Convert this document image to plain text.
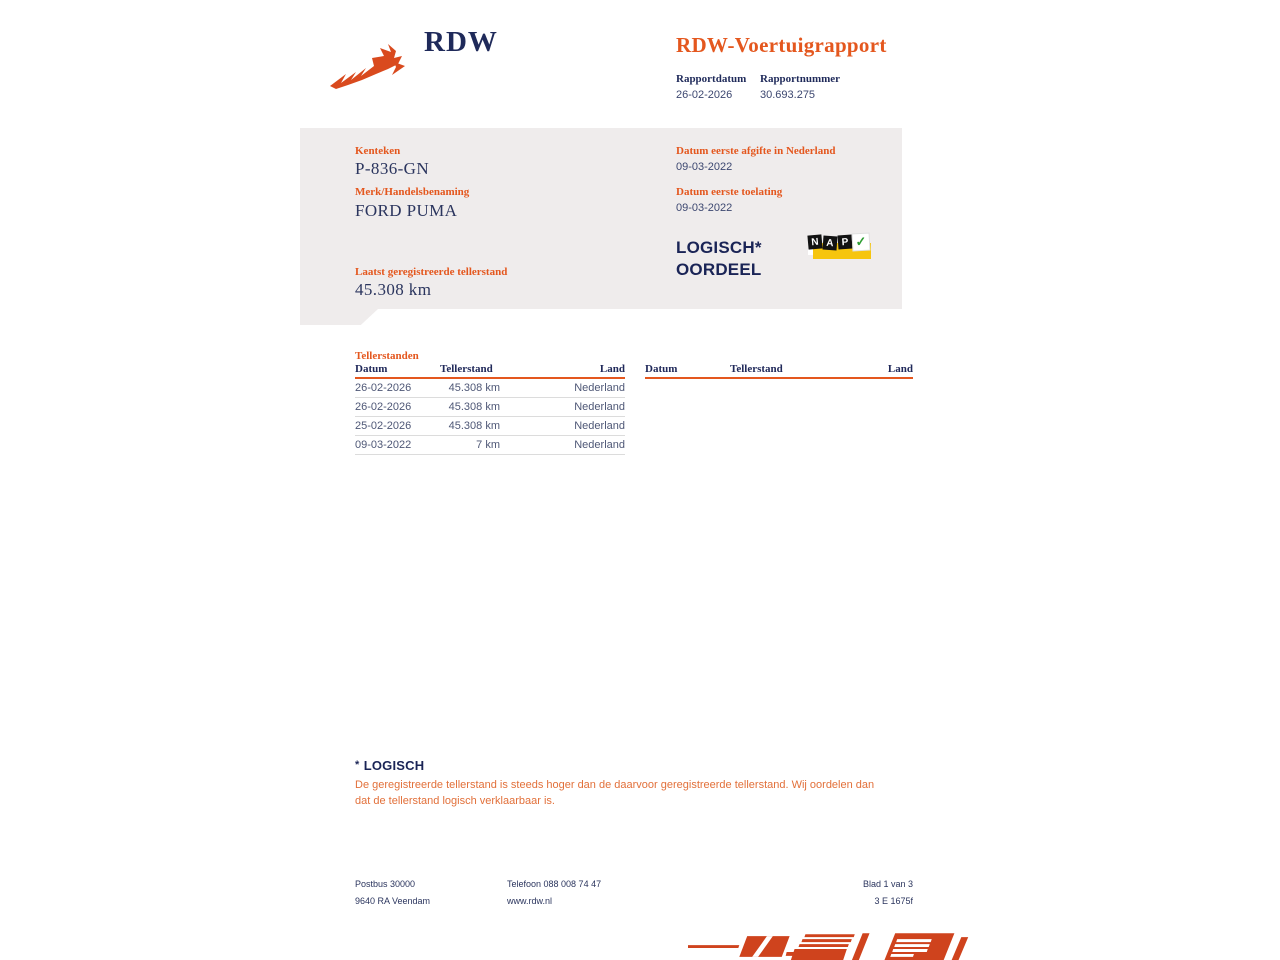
RDW	RDW-Voertuigrapport
Rapportdatum Rapportnummer
26-02-2026	30.693.275
Kenteken
P-836-GN
Merk/Handelsbenaming
FORD PUMA
Laatst geregistreerde tellerstand
45.308 km
Datum eerste afgifte in Nederland
09-03-2022
Datum eerste toelating
09-03-2022
LOGISCH*
OORDEEL
N A P ✓
Tellerstanden
Datum	Tellerstand	Land
26-02-2026	45.308 km	Nederland
26-02-2026	45.308 km	Nederland
25-02-2026	45.308 km	Nederland
09-03-2022	7 km	Nederland
Datum	Tellerstand	Land
* LOGISCH
De geregistreerde tellerstand is steeds hoger dan de daarvoor geregistreerde tellerstand. Wij oordelen dan dat de tellerstand logisch verklaarbaar is.
Postbus 30000
9640 RA Veendam
Telefoon 088 008 74 47
www.rdw.nl
Blad 1 van 3
3 E 1675f
